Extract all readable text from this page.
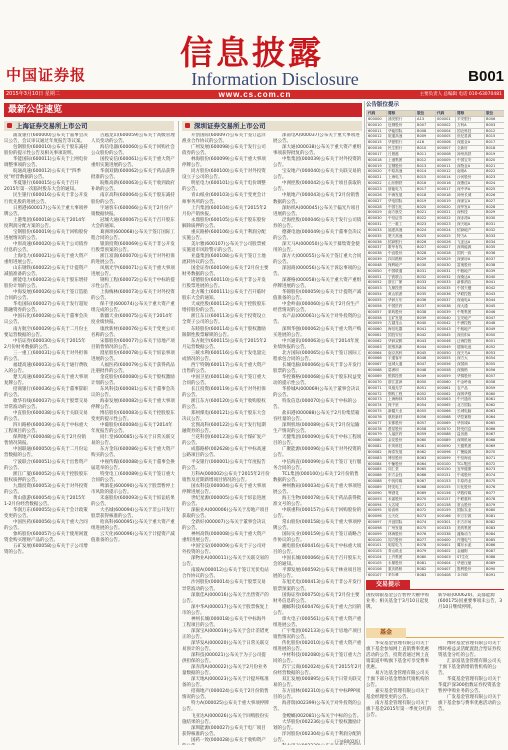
中国证券报
信息披露
Information Disclosure	B001
2015年3月10日 星期二	www.cs.com.cn	主要负责人 总编辑 电话 010-63070481
最新公告速览
上海证券交易所上市公司	深圳证券交易所上市公司

浦发银行(600000)公布关于董事会决议公告，会议审议通过年度报告等议案。

包钢股份(600010)公布关于股东减持股份的提示性公告及相关事项说明。

华能国际(600011)公布关于上网电价调整事项的公告。

皖通高速(600012)公布关于“四季度”经营数据的公告。

华夏银行(600015)公布关于召开2015年第一次临时股东大会的通知。

民生银行(600016)公布关于非公开发行优先股的进展公告。

日照港(600017)公布关于重大事项停牌公告。

上港集团(600018)公布关于2014年度利润分配方案的公告。

宝钢股份(600019)公布关于回购股份进展情况的公告。

中原高速(600020)公布关于公司债券付息的公告。

上海电力(600021)公布关于重大资产重组进展公告。

山东钢铁(600022)公布关于计提资产减值准备的公告。

浙能电力(600023)公布关于股东增持股份计划的公告。

中海发展(600026)公布关于签订造船合同的公告。

华电国际(600027)公布关于发行超短期融资券的公告。

中国石化(600028)公布关于董事会决议公告。

南方航空(600029)公布关于二月份主要运营数据的公告。

中信证券(600030)公布关于2015年2月份财务数据的公告。

三一重工(600031)公布关于对外担保的公告。

福建高速(600033)公布关于通行费收入的公告。

楚天高速(600035)公布关于重大事项复牌公告。

招商银行(600036)公布关于董事辞职的公告。

歌华有线(600037)公布关于股票交易异常波动的公告。

中直股份(600038)公布关于关联交易的公告。

四川路桥(600039)公布关于中标重大工程项目的公告。

保利地产(600048)公布关于2月份销售情况简报。

中国联通(600050)公布关于二月份运营数据的公告。

宁波联合(600051)公布关于出售资产的公告。

浙江广厦(600052)公布关于控股股东股权质押的公告。

九鼎投资(600053)公布关于对外投资的公告。

黄山旅游(600054)公布关于2015年1-2月份经营数据公告。

华润万东(600055)公布关于会计政策变更的公告。

中国医药(600056)公布关于重大合同的公告。

象屿股份(600057)公布关于使用闲置资金购买理财产品的公告。

五矿发展(600058)公布关于子公司增资的公告。

古越龙山(600059)公布关于高级管理人员变动的公告。

海信电器(600060)公布关于回购社会公众股份的公告。

国投安信(600061)公布关于重大资产重组实施进展的公告。

华润双鹤(600062)公布关于药品获得批准的公告。

皖维高新(600063)公布关于收到政府补助的公告。

南京高科(600064)公布关于股东减持股份的公告。

宇通客车(600066)公布关于2月份产销数据快报。

冠城大通(600067)公布关于召开股东大会的通知。

葛洲坝(600068)公布关于签订国际工程合同的公告。

银鸽投资(600069)公布关于非公开发行股票预案的公告。

浙江富润(600070)公布关于对外担保的进展公告。

凤凰光学(600071)公布关于重大事项进展公告。

钢构工程(600072)公布关于中标的提示性公告。

上海梅林(600073)公布关于对外投资的公告。

保千里(600074)公布关于重大资产重组完成的公告。

新疆天业(600075)公布关于2014年度业绩快报。

康欣新材(600076)公布关于变更公司名称的公告。

宋都股份(600077)公布关于房地产项目销售情况的公告。

澄星股份(600078)公布关于诉讼事项进展的公告。

人福医药(600079)公布关于获得药品注册批件的公告。

金花股份(600080)公布关于股权激励计划的公告。

东风科技(600081)公布关于董事会决议的公告。

海泰发展(600082)公布关于重大事项停牌公告。

博信股份(600083)公布关于控股股东变更的提示性公告。

中葡股份(600084)公布关于2014年年度报告的公告。

同仁堂(600085)公布关于日常关联交易的公告。

东方金钰(600086)公布关于重大资产购买的公告。

中视传媒(600088)公布关于董事会换届选举的公告。

特变电工(600089)公布关于签订重大合同的公告。

啤酒花(600090)公布关于股票暂停上市风险的提示公告。

禾嘉股份(600093)公布关于诉讼结果的公告。

大名城(600094)公布关于非公开发行股票获得核准的公告。

哈高科(600095)公布关于重大资产重组进展的公告。

云天化(600096)公布关于计提资产减值准备的公告。

开创国际(600097)公布关于签订远洋渔业合作协议的公告。

广州发展(600098)公布关于发行公司债券的公告。

林海股份(600099)公布关于重大事项停牌公告。

同方股份(600100)公布关于对外投资设立子公司的公告。

明星电力(600101)公布关于电价调整的公告。

青山纸业(600103)公布关于变更会计师事务所的公告。

上汽集团(600104)公布关于2015年2月份产销快报。

永鼎股份(600105)公布关于股东股份解除质押的公告。

重庆路桥(600106)公布关于利润分配实施公告。

美尔雅(600107)公布关于公司股票被实施退市风险警示的公告。

亚盛集团(600108)公布关于签订土地流转协议的公告。

国金证券(600109)公布关于2月份主要财务数据的公告。

诺德股份(600110)公布关于非公开发行股票进展的公告。

北方稀土(600111)公布关于召开临时股东大会的通知。

天成控股(600112)公布关于控股股东增持股份的公告。

浙江东日(600113)公布关于投资设立全资子公司的公告。

东睦股份(600114)公布关于股权激励限制性股票解锁的公告。

东方航空(600115)公布关于2015年2月运营数据公告。

三峡水利(600116)公布关于发电量完成情况的公告。

西宁特钢(600117)公布关于重大资产出售的公告。

中国卫星(600118)公布关于签订重大合同的公告。

长江投资(600119)公布关于对外担保的公告。

浙江东方(600120)公布关于收购股权的公告。

郑州煤电(600121)公布关于股东大会决议公告。

宏图高科(600122)公布关于发行短期融资券的公告。

兰花科创(600123)公布关于煤矿复产的公告。

成都路桥(002628)公布关于中标高速公路项目的公告。

平安银行(000001)公布关于年度报告的公告。

万科A(000002)公布关于2015年2月份销售及近期新增项目情况的公告。

国农科技(000004)公布关于重大事项停牌进展公告。

世纪星源(000005)公布关于诉讼进展的公告。

深振业A(000006)公布关于房地产项目获取的公告。

全新好(000007)公布关于董事会决议的公告。

神州高铁(000008)公布关于重大资产重组进展公告。

中国宝安(000009)公布关于子公司对外投资的公告。

深物业A(000011)公布关于关联交易的公告。

南玻A(000012)公布关于签订光伏电站合作协议的公告。

沙河股份(000014)公布关于股票交易异常波动的公告。

深康佳A(000016)公布关于出售资产的公告。

深中华A(000017)公布关于股票恢复上市的公告。

神州长城(000018)公布关于中标海外工程项目的公告。

深深宝A(000019)公布关于会计差错更正的公告。

深华发A(000020)公布关于日常关联交易预计的公告。

深科技(000021)公布关于为子公司提供担保的公告。

深赤湾A(000022)公布关于2月份业务量数据的公告。

深天地A(000023)公布关于计提坏账准备的公告。

招商地产(000024)公布关于2月份销售情况的公告。

特力A(000025)公布关于重大事项停牌公告。

飞亚达A(000026)公布关于回购股份实施结果的公告。

深圳能源(000027)公布关于电厂项目获得核准的公告。

国药一致(000028)公布关于收购资产

深南电A(000037)公布关于重大事项进展公告。

深大通(000038)公布关于重大资产重组事项获得批复的公告。

中集集团(000039)公布关于对外投资的公告。

宝安地产(000040)公布关于关联交易的公告。

中洲控股(000042)公布关于项目获取的公告。

中航地产(000043)公布关于2月份销售数据的公告。

深纺织A(000045)公布关于偏光片项目进展的公告。

泛海控股(000046)公布关于发行公司债券的公告。

德赛电池(000049)公布关于董事会决议的公告。

深天马A(000050)公布关于募集资金使用的公告。

深方大(000055)公布关于签订重大合同的公告。

深国商(000056)公布关于诉讼事项的公告。

深赛格(000058)公布关于重大资产重组停牌进展的公告。

华锦股份(000059)公布关于计提资产减值准备的公告。

中金岭南(000060)公布关于2月份生产经营情况的公告。

农产品(000061)公布关于对外投资的公告。

深圳华强(000062)公布关于重大资产购买进展的公告。

中兴通讯(000063)公布关于2014年度业绩快报的公告。

北方国际(000065)公布关于签订国际工程承包合同的公告。

长城电脑(000066)公布关于非公开发行股票的公告。

华控赛格(000068)公布关于股东权益变动的提示性公告。

华侨城A(000069)公布关于董事会决议的公告。

特发信息(000070)公布关于中标的公告。

盐田港(000088)公布关于2月份集装箱吞吐量的公告。

深圳机场(000089)公布关于2月份运输生产情况的公告。

天健集团(000090)公布关于中标工程项目的公告。

广聚能源(000096)公布关于对外投资的公告。

中信海直(000099)公布关于签订飞行服务合同的公告。

TCL集团(000100)公布关于2月份销售数据的公告。

神州数码(000034)公布关于重大事项进展公告。

海王生物(000078)公布关于药品获得批准文号的公告。

中联重科(000157)公布关于回购股份的公告。

常山股份(000158)公布关于重大事项停牌公告。

国际实业(000159)公布关于签订战略合作协议的公告。

湘电股份(600416)公布关于中标重大项目的公告。

中国长城(000066)公布关于召开股东大会的通知。

平潭发展(000592)公布关于林业项目进展的公告。

东旭光电(000413)公布关于非公开发行股票预案的公告。

国海证券(000750)公布关于2月份主要财务信息的公告。

湘邮科技(600476)公布关于重大合同的公告。

烽火电子(000561)公布关于重大资产重组进展公告。

广宇集团(002133)公布关于房地产项目销售情况的公告。

传化股份(002010)公布关于重大资产重组进展的公告。

中材科技(002080)公布关于签订重大合同的公告。

苏宁云商(002024)公布关于2015年2月份经营数据的公告。

双汇发展(000895)公布关于日常关联交易的公告。

东方园林(002310)公布关于中标PPP项目的公告。

海普瑞(002399)公布关于对外投资的公告。

金螳螂(002081)公布关于中标的公告。

大华股份(002236)公布关于股权激励计划的公告。

洋河股份(002304)公布关于利润分配的公告。	(下转B002版)
公告版位提示
代码	简称	版位	代码	简称	版位
600000	浦发银行	A13	000001	平安银行	B006
600010	包钢股份	B007	000002	万科A	B003
600011	华能国际	B008	000004	国农科技	B012
600012	皖通高速	B009	000005	世纪星源	B015
600015	华夏银行	A16	000006	深振业A	B017
600016	民生银行	B010	000007	全新好	B018
600017	日照港	B011	000008	神州高铁	B019
600018	上港集团	B012	000009	中国宝安	B020
600019	宝钢股份	B013	000011	深物业A	B021
600020	中原高速	B014	000012	南玻A	B022
600021	上海电力	B015	000014	沙河股份	B023
600022	山东钢铁	B016	000016	深康佳A	B024
600023	浙能电力	B017	000017	深中华A	B025
600026	中海发展	B018	000018	神州长城	B026
600027	华电国际	B019	000019	深深宝A	B027
600028	中国石化	B020	000020	深华发A	B028
600029	南方航空	B021	000021	深科技	B029
600030	中信证券	B022	000022	深赤湾A	B030
600031	三一重工	B023	000023	深天地A	B031
600033	福建高速	B024	000024	招商地产	B032
600035	楚天高速	B025	000025	特力A	B033
600036	招商银行	B026	000026	飞亚达A	B034
600037	歌华有线	B027	000027	深圳能源	B035
600038	中直股份	B028	000028	国药一致	B036
600039	四川路桥	B029	000029	深深房A	B037
600048	保利地产	B030	000030	富奥股份	B038
600050	中国联通	B031	000031	中粮地产	B039
600051	宁波联合	B032	000032	深桑达A	B040
600052	浙江广厦	B033	000033	新都酒店	B041
600053	九鼎投资	B034	000035	中国天楹	B042
600054	黄山旅游	B035	000036	华联控股	B043
600055	华润万东	B036	000037	深南电A	B044
600056	中国医药	B037	000038	深大通	B045
600057	象屿股份	B038	000039	中集集团	B046
600058	五矿发展	B039	000040	宝安地产	B047
600059	古越龙山	B040	000042	中洲控股	B048
600060	海信电器	B041	000043	中航地产	B049
600061	国投安信	B042	000045	深纺织A	B050
600062	华润双鹤	B043	000046	泛海控股	B051
600063	皖维高新	B044	000049	德赛电池	B052
600064	南京高科	B045	000050	深天马A	B053
600066	宇通客车	B046	000055	深方大	B054
600067	冠城大通	B047	000056	深国商	B055
600068	葛洲坝	B048	000058	深赛格	B056
600069	银鸽投资	B049	000059	华锦股份	B057
600070	浙江富润	B050	000060	中金岭南	B058
600071	凤凰光学	B051	000061	农产品	B059
600072	钢构工程	B052	000062	深圳华强	B060
600073	上海梅林	B053	000063	中兴通讯	B061
600074	保千里	B054	000065	北方国际	B062
600075	新疆天业	B055	000066	长城电脑	B063
600076	康欣新材	B056	000068	华控赛格	B064
600077	宋都股份	B057	000069	华侨城A	B065
600078	澄星股份	B058	000070	特发信息	B066
600079	人福医药	B059	000088	盐田港	B067
600080	金花股份	B060	000089	深圳机场	B068
600081	东风科技	B061	000090	天健集团	B069
600082	海泰发展	B062	000096	广聚能源	B070
600083	博信股份	B063	000099	中信海直	B071
600084	中葡股份	B064	000100	TCL集团	B072
600085	同仁堂	B065	000150	宜华健康	B073
600086	东方金钰	B066	000151	中成股份	B074
600088	中视传媒	B067	000153	丰原药业	B075
600089	特变电工	B068	000155	川化股份	B076
600090	啤酒花	B069	000156	华数传媒	B077
600093	禾嘉股份	B070	000157	中联重科	B078
600094	大名城	B071	000158	常山股份	B079
600095	哈高科	B072	000159	国际实业	B080
600096	云天化	B073	000166	申万宏源	B081
600097	开创国际	B074	000301	东方市场	B082
600098	广州发展	B075	000333	美的集团	B083
600099	林海股份	B076	000338	潍柴动力	B084
600100	同方股份	B077	000400	许继电气	B085
600101	明星电力	B078	000401	冀东水泥	B086
600103	青山纸业	B079	000402	金融街	B087
600104	上汽集团	B080	000403	ST生化	B088
600105	永鼎股份	B081	000404	华意压缩	B089
600106	重庆路桥	B082	000407	胜利股份	B090
600107	美尔雅	B083	000408	金谷源	B091

交易提示
国投瑞银基金公告暂停大额申购业务；相关基金于3月10日起复牌。
新华联(000620)、美都能源(600175)因重要事项未公告，3月10日继续停牌。
基金

华安基金管理有限公司关于旗下基金参加网上直销费率优惠活动的公告，投资者通过网上直销渠道申购旗下基金可享受费率优惠。

易方达基金管理有限公司关于旗下部分基金增加代销机构的公告。

嘉实基金管理有限公司关于基金经理变更的公告。

南方基金管理有限公司关于旗下基金2015年第一季度分红的公告。

博时基金管理有限公司关于博时裕益灵活配置混合型证券投资基金分红的公告。

汇添富基金管理有限公司关于旗下基金新增销售机构的公告。

华夏基金管理有限公司关于华夏沪深300指数证券投资基金暂停申购业务的公告。

广发基金管理有限公司关于旗下基金参与费率优惠活动的公告。
